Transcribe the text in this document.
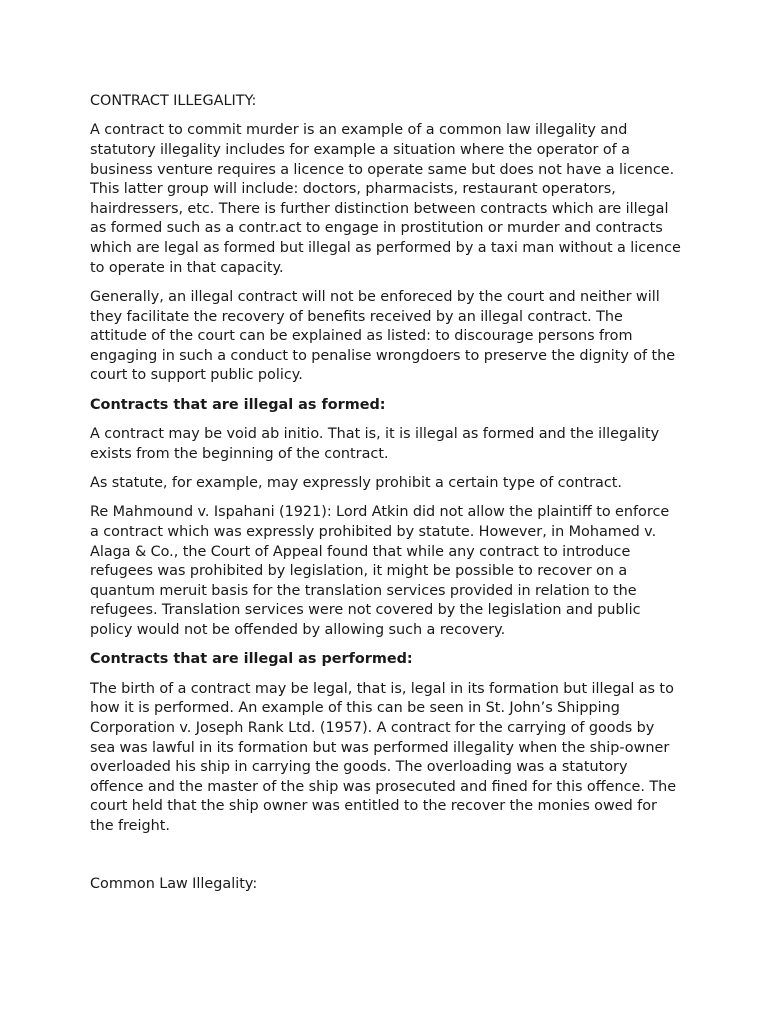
CONTRACT ILLEGALITY:

A contract to commit murder is an example of a common law illegality and statutory illegality includes for example a situation where the operator of a business venture requires a licence to operate same but does not have a licence. This latter group will include: doctors, pharmacists, restaurant operators, hairdressers, etc. There is further distinction between contracts which are illegal as formed such as a contr.act to engage in prostitution or murder and contracts which are legal as formed but illegal as performed by a taxi man without a licence to operate in that capacity.

Generally, an illegal contract will not be enforeced by the court and neither will they facilitate the recovery of benefits received by an illegal contract. The attitude of the court can be explained as listed: to discourage persons from engaging in such a conduct to penalise wrongdoers to preserve the dignity of the court to support public policy.

Contracts that are illegal as formed:

A contract may be void ab initio. That is, it is illegal as formed and the illegality exists from the beginning of the contract.

As statute, for example, may expressly prohibit a certain type of contract.

Re Mahmound v. Ispahani (1921): Lord Atkin did not allow the plaintiff to enforce a contract which was expressly prohibited by statute. However, in Mohamed v. Alaga & Co., the Court of Appeal found that while any contract to introduce refugees was prohibited by legislation, it might be possible to recover on a quantum meruit basis for the translation services provided in relation to the refugees. Translation services were not covered by the legislation and public policy would not be offended by allowing such a recovery.

Contracts that are illegal as performed:

The birth of a contract may be legal, that is, legal in its formation but illegal as to how it is performed. An example of this can be seen in St. John’s Shipping Corporation v. Joseph Rank Ltd. (1957). A contract for the carrying of goods by sea was lawful in its formation but was performed illegality when the ship-owner overloaded his ship in carrying the goods. The overloading was a statutory offence and the master of the ship was prosecuted and fined for this offence. The court held that the ship owner was entitled to the recover the monies owed for the freight.

Common Law Illegality:
